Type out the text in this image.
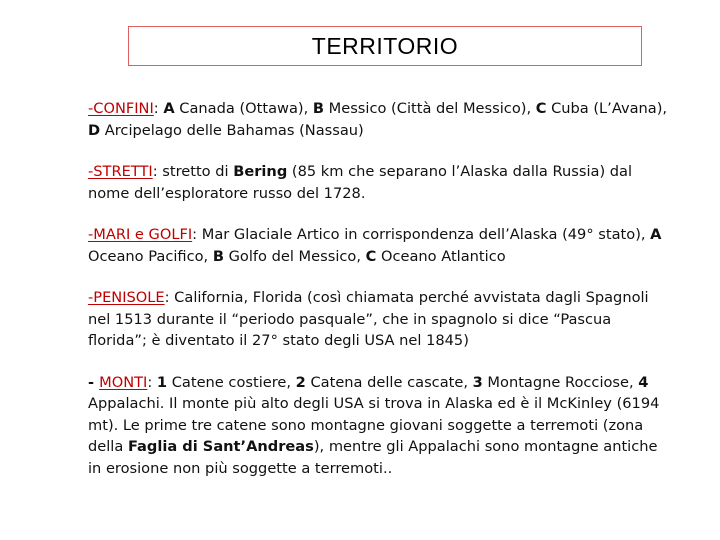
TERRITORIO

-CONFINI: A Canada (Ottawa), B Messico (Città del Messico), C Cuba (L’Avana), D Arcipelago delle Bahamas (Nassau)

-STRETTI: stretto di Bering (85 km che separano l’Alaska dalla Russia) dal nome dell’esploratore russo del 1728.

-MARI e GOLFI: Mar Glaciale Artico in corrispondenza dell’Alaska (49° stato), A Oceano Pacifico, B Golfo del Messico, C Oceano Atlantico

-PENISOLE: California, Florida (così chiamata perché avvistata dagli Spagnoli nel 1513 durante il “periodo pasquale”, che in spagnolo si dice “Pascua florida”; è diventato il 27° stato degli USA nel 1845)

- MONTI: 1 Catene costiere, 2 Catena delle cascate, 3 Montagne Rocciose, 4 Appalachi. Il monte più alto degli USA si trova in Alaska ed è il McKinley (6194 mt). Le prime tre catene sono montagne giovani soggette a terremoti (zona della Faglia di Sant’Andreas), mentre gli Appalachi sono montagne antiche in erosione non più soggette a terremoti..
